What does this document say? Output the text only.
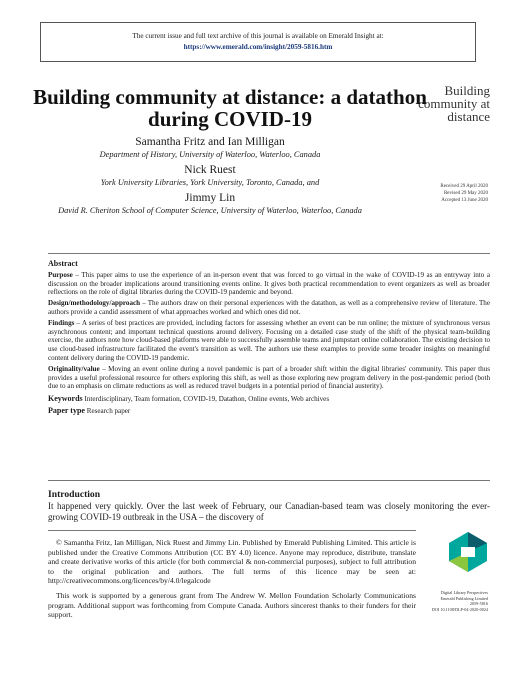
The current issue and full text archive of this journal is available on Emerald Insight at:
https://www.emerald.com/insight/2059-5816.htm
Building
community at
distance
Building community at distance: a datathon during COVID-19
Samantha Fritz and Ian Milligan
Department of History, University of Waterloo, Waterloo, Canada
Nick Ruest
York University Libraries, York University, Toronto, Canada, and
Jimmy Lin
David R. Cheriton School of Computer Science, University of Waterloo, Waterloo, Canada
Received 29 April 2020
Revised 29 May 2020
Accepted 13 June 2020
Abstract

Purpose – This paper aims to use the experience of an in-person event that was forced to go virtual in the wake of COVID-19 as an entryway into a discussion on the broader implications around transitioning events online. It gives both practical recommendation to event organizers as well as broader reflections on the role of digital libraries during the COVID-19 pandemic and beyond.

Design/methodology/approach – The authors draw on their personal experiences with the datathon, as well as a comprehensive review of literature. The authors provide a candid assessment of what approaches worked and which ones did not.

Findings – A series of best practices are provided, including factors for assessing whether an event can be run online; the mixture of synchronous versus asynchronous content; and important technical questions around delivery. Focusing on a detailed case study of the shift of the physical team-building exercise, the authors note how cloud-based platforms were able to successfully assemble teams and jumpstart online collaboration. The existing decision to use cloud-based infrastructure facilitated the event's transition as well. The authors use these examples to provide some broader insights on meaningful content delivery during the COVID-19 pandemic.

Originality/value – Moving an event online during a novel pandemic is part of a broader shift within the digital libraries' community. This paper thus provides a useful professional resource for others exploring this shift, as well as those exploring new program delivery in the post-pandemic period (both due to an emphasis on climate reductions as well as reduced travel budgets in a potential period of financial austerity).

Keywords Interdisciplinary, Team formation, COVID-19, Datathon, Online events, Web archives

Paper type Research paper

Introduction
It happened very quickly. Over the last week of February, our Canadian-based team was closely monitoring the ever-growing COVID-19 outbreak in the USA – the discovery of

© Samantha Fritz, Ian Milligan, Nick Ruest and Jimmy Lin. Published by Emerald Publishing Limited. This article is published under the Creative Commons Attribution (CC BY 4.0) licence. Anyone may reproduce, distribute, translate and create derivative works of this article (for both commercial & non-commercial purposes), subject to full attribution to the original publication and authors. The full terms of this licence may be seen at: http://creativecommons.org/licences/by/4.0/legalcode

This work is supported by a generous grant from The Andrew W. Mellon Foundation Scholarly Communications program. Additional support was forthcoming from Compute Canada. Authors sincerest thanks to their funders for their support.

Digital Library Perspectives
Emerald Publishing Limited
2059-5816
DOI 10.1108/DLP-04-2020-0024
